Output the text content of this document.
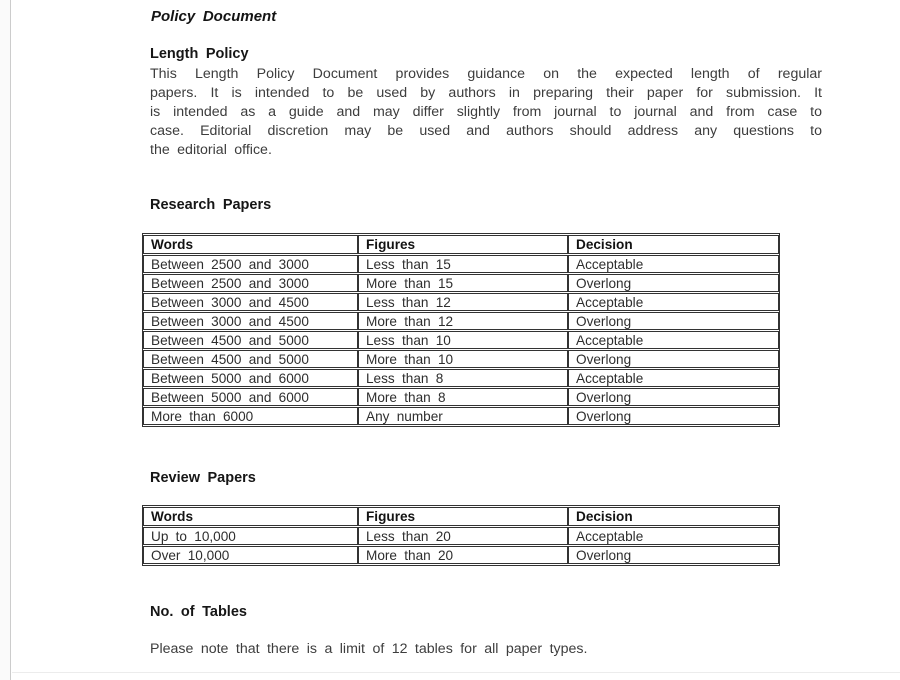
Policy Document
Length Policy
This Length Policy Document provides guidance on the expected length of regular
papers. It is intended to be used by authors in preparing their paper for submission. It
is intended as a guide and may differ slightly from journal to journal and from case to
case. Editorial discretion may be used and authors should address any questions to
the editorial office.
Research Papers
Words	Figures	Decision
Between 2500 and 3000	Less than 15	Acceptable
Between 2500 and 3000	More than 15	Overlong
Between 3000 and 4500	Less than 12	Acceptable
Between 3000 and 4500	More than 12	Overlong
Between 4500 and 5000	Less than 10	Acceptable
Between 4500 and 5000	More than 10	Overlong
Between 5000 and 6000	Less than 8	Acceptable
Between 5000 and 6000	More than 8	Overlong
More than 6000	Any number	Overlong
Review Papers
Words	Figures	Decision
Up to 10,000	Less than 20	Acceptable
Over 10,000	More than 20	Overlong
No. of Tables
Please note that there is a limit of 12 tables for all paper types.
